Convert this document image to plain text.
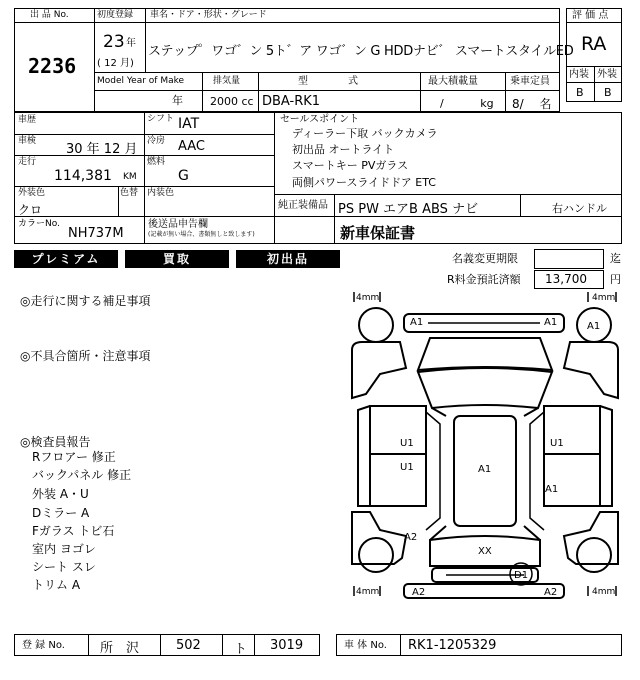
出 品 No.
2236
初度登録
23 年
( 12 月)
車名・ドア・形状・グレード
ステップ゜ワゴ゛ン 5ト゛ア ワゴ゛ン G HDDナビ゛ スマートスタイルED
Model Year of Make
年
排気量
2000 cc
型　　　　式
DBA-RK1
最大積載量
/　　　 kg
乗車定員
8/　 名
評 価 点
RA
内装 外装
B B
車歴	シフト IAT
車検
30 年 12 月
冷房 AAC
走行
114,381 KM
燃料
G
外装色
クロ
色替 内装色
カラーNo.
NH737M
セールスポイント
ディーラー下取 バックカメラ
初出品 オートライト
スマートキー PVガラス
両側パワースライドドア ETC
純正装備品 PS PW エアB ABS ナビ	右ハンドル
後送品申告欄
(記載が無い場合、書類無しと致します)	新車保証書
プレミアム	買取	初出品	名義変更期限	迄
R料金預託済額 13,700 円
◎走行に関する補足事項
◎不具合箇所・注意事項
◎検査員報告
Rフロアー 修正
バックパネル 修正
外装 A・U
Dミラー A
Fガラス トビ石
室内 ヨゴレ
シート スレ
トリム A
4mm	4mm
4mm	4mm
A1	A1	A1
U1
U1	A1
U1
A1
A2
XX
D1
A2	A2
登 録 No.	所　沢	502	ト 3019	車 体 No. RK1-1205329
